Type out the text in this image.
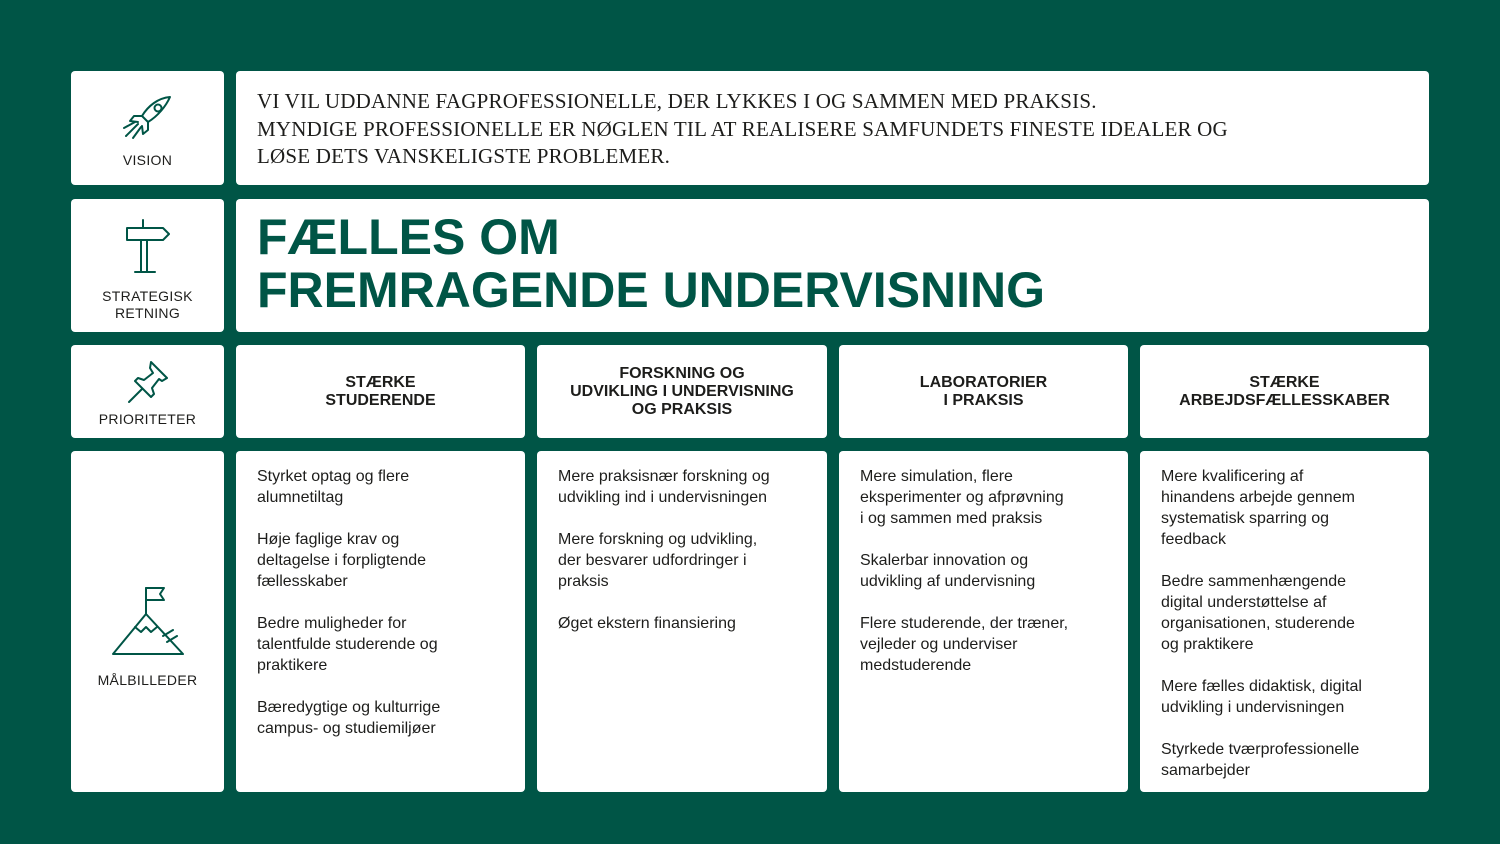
VISION
VI VIL UDDANNE FAGPROFESSIONELLE, DER LYKKES I OG SAMMEN MED PRAKSIS.
MYNDIGE PROFESSIONELLE ER NØGLEN TIL AT REALISERE SAMFUNDETS FINESTE IDEALER OG
LØSE DETS VANSKELIGSTE PROBLEMER.
STRATEGISK
RETNING
FÆLLES OM
FREMRAGENDE UNDERVISNING
PRIORITETER
STÆRKE
STUDERENDE
FORSKNING OG
UDVIKLING I UNDERVISNING
OG PRAKSIS
LABORATORIER
I PRAKSIS
STÆRKE
ARBEJDSFÆLLESSKABER
MÅLBILLEDER

Styrket optag og flere
alumnetiltag

Høje faglige krav og
deltagelse i forpligtende
fællesskaber

Bedre muligheder for
talentfulde studerende og
praktikere

Bæredygtige og kulturrige
campus- og studiemiljøer

Mere praksisnær forskning og
udvikling ind i undervisningen

Mere forskning og udvikling,
der besvarer udfordringer i
praksis

Øget ekstern finansiering

Mere simulation, flere
eksperimenter og afprøvning
i og sammen med praksis

Skalerbar innovation og
udvikling af undervisning

Flere studerende, der træner,
vejleder og underviser
medstuderende

Mere kvalificering af
hinandens arbejde gennem
systematisk sparring og
feedback

Bedre sammenhængende
digital understøttelse af
organisationen, studerende
og praktikere

Mere fælles didaktisk, digital
udvikling i undervisningen

Styrkede tværprofessionelle
samarbejder
